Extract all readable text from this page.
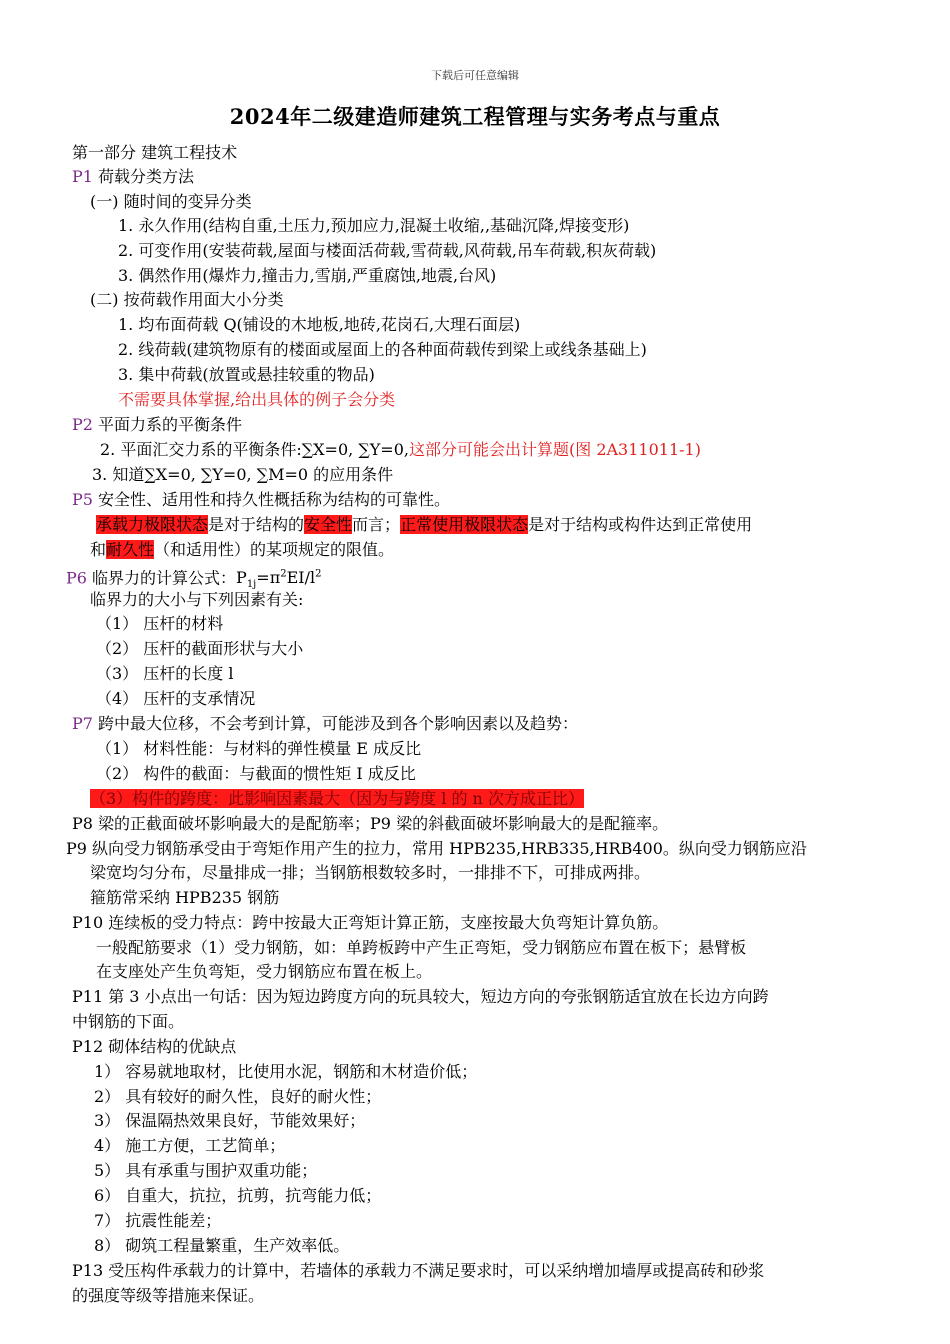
下载后可任意编辑
2024年二级建造师建筑工程管理与实务考点与重点
第一部分 建筑工程技术
P1 荷载分类方法
(一) 随时间的变异分类
1. 永久作用(结构自重,土压力,预加应力,混凝土收缩,,基础沉降,焊接变形)
2. 可变作用(安装荷载,屋面与楼面活荷载,雪荷载,风荷载,吊车荷载,积灰荷载)
3. 偶然作用(爆炸力,撞击力,雪崩,严重腐蚀,地震,台风)
(二) 按荷载作用面大小分类
1. 均布面荷载 Q(铺设的木地板,地砖,花岗石,大理石面层)
2. 线荷载(建筑物原有的楼面或屋面上的各种面荷载传到梁上或线条基础上)
3. 集中荷载(放置或悬挂较重的物品)
不需要具体掌握,给出具体的例子会分类
P2 平面力系的平衡条件
2. 平面汇交力系的平衡条件:∑X=0, ∑Y=0,这部分可能会出计算题(图 2A311011-1)
3. 知道∑X=0, ∑Y=0, ∑M=0 的应用条件
P5 安全性、适用性和持久性概括称为结构的可靠性。
承载力极限状态是对于结构的安全性而言；正常使用极限状态是对于结构或构件达到正常使用
和耐久性（和适用性）的某项规定的限值。
P6 临界力的计算公式：$P_{1j}=\pi^2EI/l^2$
临界力的大小与下列因素有关:
（1） 压杆的材料
（2） 压杆的截面形状与大小
（3） 压杆的长度 l
（4） 压杆的支承情况
P7 跨中最大位移，不会考到计算，可能涉及到各个影响因素以及趋势：
（1） 材料性能：与材料的弹性模量 E 成反比
（2） 构件的截面：与截面的惯性矩 I 成反比
（3）构件的跨度：此影响因素最大（因为与跨度 l 的 n 次方成正比）
P8 梁的正截面破坏影响最大的是配筋率；P9 梁的斜截面破坏影响最大的是配箍率。
P9 纵向受力钢筋承受由于弯矩作用产生的拉力，常用 HPB235,HRB335,HRB400。纵向受力钢筋应沿
梁宽均匀分布，尽量排成一排；当钢筋根数较多时，一排排不下，可排成两排。
箍筋常采纳 HPB235 钢筋
P10 连续板的受力特点：跨中按最大正弯矩计算正筋，支座按最大负弯矩计算负筋。
一般配筋要求（1）受力钢筋，如：单跨板跨中产生正弯矩，受力钢筋应布置在板下；悬臂板
在支座处产生负弯矩，受力钢筋应布置在板上。
P11 第 3 小点出一句话：因为短边跨度方向的玩具较大，短边方向的夸张钢筋适宜放在长边方向跨
中钢筋的下面。
P12 砌体结构的优缺点
1） 容易就地取材，比使用水泥，钢筋和木材造价低；
2） 具有较好的耐久性，良好的耐火性；
3） 保温隔热效果良好，节能效果好；
4） 施工方便，工艺简单；
5） 具有承重与围护双重功能；
6） 自重大，抗拉，抗剪，抗弯能力低；
7） 抗震性能差；
8） 砌筑工程量繁重，生产效率低。
P13 受压构件承载力的计算中，若墙体的承载力不满足要求时，可以采纳增加墙厚或提高砖和砂浆
的强度等级等措施来保证。
